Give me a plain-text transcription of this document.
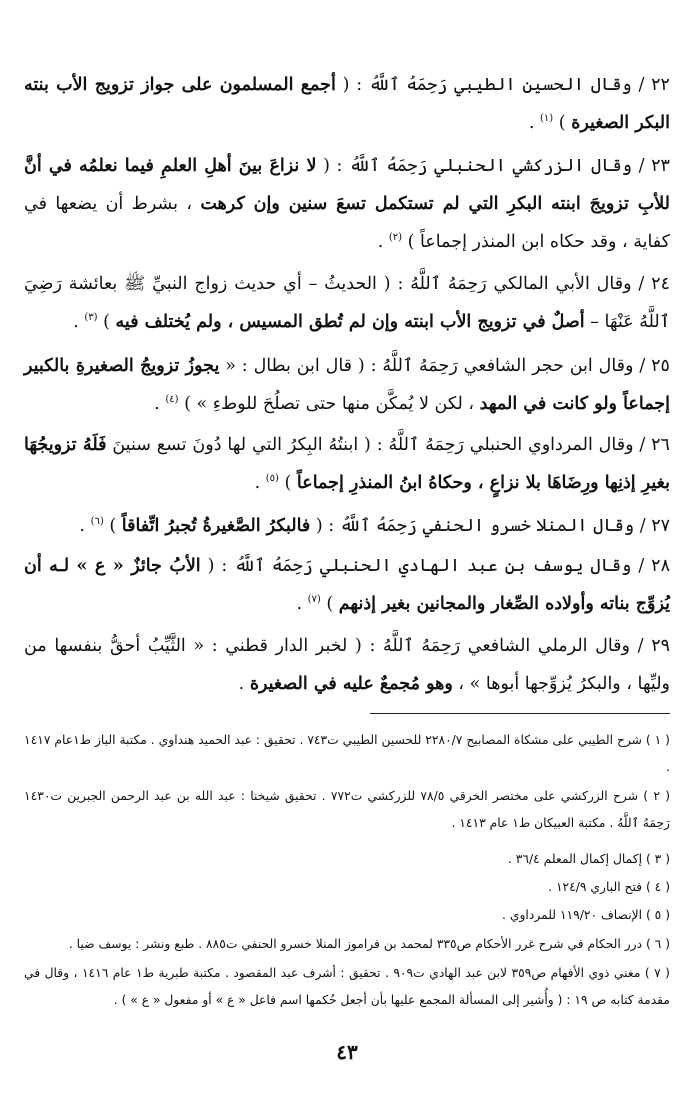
٢٢ / وقال الحسين الطيبي رَحِمَهُ ٱللَّهُ : ( أجمع المسلمون على جواز تزويج الأب بنته البكر الصغيرة ) $^{(١)}$ .
٢٣ / وقال الزركشي الحنبلي رَحِمَهُ ٱللَّهُ : ( لا نزاعَ بينَ أهلِ العلمِ فيما نعلمُه في أنَّ للأبِ تزويجَ ابنته البكرِ التي لم تستكمل تسعَ سنين وإن كرهت ، بشرط أن يضعها في كفاية ، وقد حكاه ابن المنذر إجماعاً ) $^{(٢)}$ .
٢٤ / وقال الأبي المالكي رَحِمَهُ ٱللَّهُ : ( الحديثُ – أي حديث زواج النبيِّ ﷺ بعائشة رَضِيَ ٱللَّهُ عَنْهَا – أصلٌ في تزويج الأب ابنته وإن لم تُطق المسيس ، ولم يُختلف فيه ) $^{(٣)}$ .
٢٥ / وقال ابن حجر الشافعي رَحِمَهُ ٱللَّهُ : ( قال ابن بطال : « يجوزُ تزويجُ الصغيرةِ بالكبير إجماعاً ولو كانت في المهد ، لكن لا يُمكَّن منها حتى تصلُحَ للوطءِ » ) $^{(٤)}$ .
٢٦ / وقال المرداوي الحنبلي رَحِمَهُ ٱللَّهُ : ( ابنتُهُ البِكرُ التي لها دُونَ تسع سنينَ فَلَهُ تزويجُهَا بغيرِ إذنِها ورِضَاهَا بلا نزاعٍ ، وحكاهُ ابنُ المنذرِ إجماعاً ) $^{(٥)}$ .
٢٧ / وقال المنلا خسرو الحنفي رَحِمَهُ ٱللَّهُ : ( فالبكرُ الصَّغيرةُ تُجبرُ اتِّفاقاً ) $^{(٦)}$ .
٢٨ / وقال يوسف بن عبد الهادي الحنبلي رَحِمَهُ ٱللَّهُ : ( الأبُ جائزٌ « ع » لـه أن يُزوِّج بناته وأولاده الصِّغار والمجانين بغير إذنهم ) $^{(٧)}$ .
٢٩ / وقال الرملي الشافعي رَحِمَهُ ٱللَّهُ : ( لخبر الدار قطني : « الثَّيِّبُ أحقُّ بنفسها من وليِّها ، والبكرُ يُزوِّجها أبوها » ، وهو مُجمعٌ عليه في الصغيرة .
( ١ ) شرح الطيبي على مشكاة المصابيح ٢٢٨٠/٧ للحسين الطيبي ت٧٤٣ . تحقيق : عبد الحميد هنداوي . مكتبة الباز ط١عام ١٤١٧ .
( ٢ ) شرح الزركشي على مختصر الخرقي ٧٨/٥ للزركشي ت٧٧٢ . تحقيق شيخنا : عبد الله بن عبد الرحمن الجبرين ت١٤٣٠ رَحِمَهُ ٱللَّهُ . مكتبة العبيكان ط١ عام ١٤١٣ .
( ٣ ) إكمال إكمال المعلم ٣٦/٤ .
( ٤ ) فتح الباري ١٢٤/٩ .
( ٥ ) الإنصاف ١١٩/٢٠ للمرداوي .
( ٦ ) درر الحكام في شرح غرر الأحكام ص٣٣٥ لمحمد بن فراموز المنلا خسرو الحنفي ت٨٨٥ . طبع ونشر : يوسف ضيا .
( ٧ ) مغني ذوي الأفهام ص٣٥٩ لابن عبد الهادي ت٩٠٩ . تحقيق : أشرف عبد المقصود . مكتبة طبرية ط١ عام ١٤١٦ ، وقال في مقدمة كتابه ص ١٩ : ( وأُشير إلى المسألة المجمع عليها بأن أجعل حُكمها اسم فاعل « ع » أو مفعول « ع » ) .
٤٣
